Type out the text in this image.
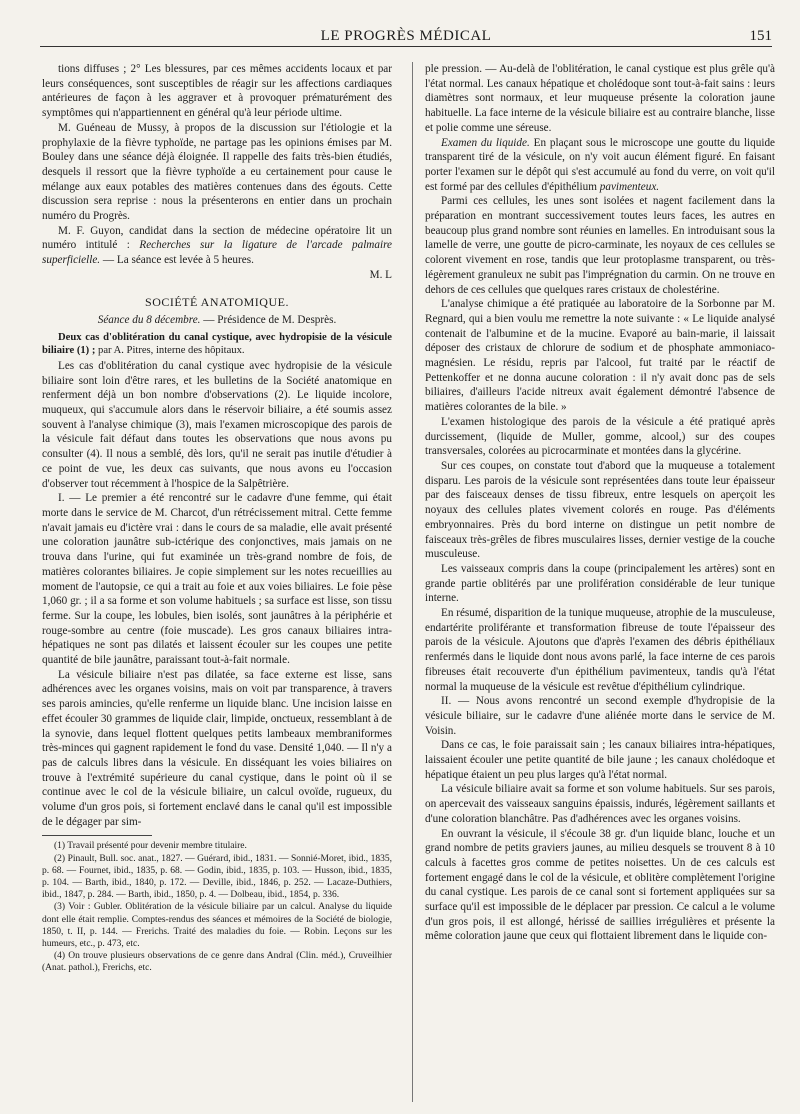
LE PROGRÈS MÉDICAL	151

tions diffuses ; 2° Les blessures, par ces mêmes accidents locaux et par leurs conséquences, sont susceptibles de réagir sur les affections cardiaques antérieures de façon à les aggraver et à provoquer prématurément des symptômes qui n'appartiennent en général qu'à leur période ultime.

M. Guéneau de Mussy, à propos de la discussion sur l'étiologie et la prophylaxie de la fièvre typhoïde, ne partage pas les opinions émises par M. Bouley dans une séance déjà éloignée. Il rappelle des faits très-bien étudiés, desquels il ressort que la fièvre typhoïde a eu certainement pour cause le mélange aux eaux potables des matières contenues dans des égouts. Cette discussion sera reprise : nous la présenterons en entier dans un prochain numéro du Progrès.

M. F. Guyon, candidat dans la section de médecine opératoire lit un numéro intitulé : Recherches sur la ligature de l'arcade palmaire superficielle. — La séance est levée à 5 heures.

M. L

SOCIÉTÉ ANATOMIQUE.

Séance du 8 décembre. — Présidence de M. Desprès.

Deux cas d'oblitération du canal cystique, avec hydropisie de la vésicule biliaire (1) ; par A. Pitres, interne des hôpitaux.

Les cas d'oblitération du canal cystique avec hydropisie de la vésicule biliaire sont loin d'être rares, et les bulletins de la Société anatomique en renferment déjà un bon nombre d'observations (2). Le liquide incolore, muqueux, qui s'accumule alors dans le réservoir biliaire, a été soumis assez souvent à l'analyse chimique (3), mais l'examen microscopique des parois de la vésicule fait défaut dans toutes les observations que nous avons pu consulter (4). Il nous a semblé, dès lors, qu'il ne serait pas inutile d'étudier à ce point de vue, les deux cas suivants, que nous avons eu l'occasion d'observer tout récemment à l'hospice de la Salpêtrière.

I. — Le premier a été rencontré sur le cadavre d'une femme, qui était morte dans le service de M. Charcot, d'un rétrécissement mitral. Cette femme n'avait jamais eu d'ictère vrai : dans le cours de sa maladie, elle avait présenté une coloration jaunâtre sub-ictérique des conjonctives, mais jamais on ne trouva dans l'urine, qui fut examinée un très-grand nombre de fois, de matières colorantes biliaires. Je copie simplement sur les notes recueillies au moment de l'autopsie, ce qui a trait au foie et aux voies biliaires. Le foie pèse 1,060 gr. ; il a sa forme et son volume habituels ; sa surface est lisse, son tissu ferme. Sur la coupe, les lobules, bien isolés, sont jaunâtres à la périphérie et rouge-sombre au centre (foie muscade). Les gros canaux biliaires intra-hépatiques ne sont pas dilatés et laissent écouler sur les coupes une petite quantité de bile jaunâtre, paraissant tout-à-fait normale.

La vésicule biliaire n'est pas dilatée, sa face externe est lisse, sans adhérences avec les organes voisins, mais on voit par transparence, à travers ses parois amincies, qu'elle renferme un liquide blanc. Une incision laisse en effet écouler 30 grammes de liquide clair, limpide, onctueux, ressemblant à de la synovie, dans lequel flottent quelques petits lambeaux membraniformes très-minces qui gagnent rapidement le fond du vase. Densité 1,040. — Il n'y a pas de calculs libres dans la vésicule. En disséquant les voies biliaires on trouve à l'extrémité supérieure du canal cystique, dans le point où il se continue avec le col de la vésicule biliaire, un calcul ovoïde, rugueux, du volume d'un gros pois, si fortement enclavé dans le canal qu'il est impossible de le dégager par sim-

(1) Travail présenté pour devenir membre titulaire.

(2) Pinault, Bull. soc. anat., 1827. — Guérard, ibid., 1831. — Sonnié-Moret, ibid., 1835, p. 68. — Fournet, ibid., 1835, p. 68. — Godin, ibid., 1835, p. 103. — Husson, ibid., 1835, p. 104. — Barth, ibid., 1840, p. 172. — Deville, ibid., 1846, p. 252. — Lacaze-Duthiers, ibid., 1847, p. 284. — Barth, ibid., 1850, p. 4. — Dolbeau, ibid., 1854, p. 336.

(3) Voir : Gubler. Oblitération de la vésicule biliaire par un calcul. Analyse du liquide dont elle était remplie. Comptes-rendus des séances et mémoires de la Société de biologie, 1850, t. II, p. 144. — Frerichs. Traité des maladies du foie. — Robin. Leçons sur les humeurs, etc., p. 473, etc.

(4) On trouve plusieurs observations de ce genre dans Andral (Clin. méd.), Cruveilhier (Anat. pathol.), Frerichs, etc.

ple pression. — Au-delà de l'oblitération, le canal cystique est plus grêle qu'à l'état normal. Les canaux hépatique et cholédoque sont tout-à-fait sains : leurs diamètres sont normaux, et leur muqueuse présente la coloration jaune habituelle. La face interne de la vésicule biliaire est au contraire blanche, lisse et polie comme une séreuse.

Examen du liquide. En plaçant sous le microscope une goutte du liquide transparent tiré de la vésicule, on n'y voit aucun élément figuré. En faisant porter l'examen sur le dépôt qui s'est accumulé au fond du verre, on voit qu'il est formé par des cellules d'épithélium pavimenteux.

Parmi ces cellules, les unes sont isolées et nagent facilement dans la préparation en montrant successivement toutes leurs faces, les autres en beaucoup plus grand nombre sont réunies en lamelles. En introduisant sous la lamelle de verre, une goutte de picro-carminate, les noyaux de ces cellules se colorent vivement en rose, tandis que leur protoplasme transparent, ou très-légèrement granuleux ne subit pas l'imprégnation du carmin. On ne trouve en dehors de ces cellules que quelques rares cristaux de cholestérine.

L'analyse chimique a été pratiquée au laboratoire de la Sorbonne par M. Regnard, qui a bien voulu me remettre la note suivante : « Le liquide analysé contenait de l'albumine et de la mucine. Evaporé au bain-marie, il laissait déposer des cristaux de chlorure de sodium et de phosphate ammoniaco-magnésien. Le résidu, repris par l'alcool, fut traité par le réactif de Pettenkoffer et ne donna aucune coloration : il n'y avait donc pas de sels biliaires, d'ailleurs l'acide nitreux avait également démontré l'absence de matières colorantes de la bile. »

L'examen histologique des parois de la vésicule a été pratiqué après durcissement, (liquide de Muller, gomme, alcool,) sur des coupes transversales, colorées au picrocarminate et montées dans la glycérine.

Sur ces coupes, on constate tout d'abord que la muqueuse a totalement disparu. Les parois de la vésicule sont représentées dans toute leur épaisseur par des faisceaux denses de tissu fibreux, entre lesquels on aperçoit les noyaux des cellules plates vivement colorés en rouge. Pas d'éléments embryonnaires. Près du bord interne on distingue un petit nombre de faisceaux très-grêles de fibres musculaires lisses, dernier vestige de la couche musculeuse.

Les vaisseaux compris dans la coupe (principalement les artères) sont en grande partie oblitérés par une prolifération considérable de leur tunique interne.

En résumé, disparition de la tunique muqueuse, atrophie de la musculeuse, endartérite proliférante et transformation fibreuse de toute l'épaisseur des parois de la vésicule. Ajoutons que d'après l'examen des débris épithéliaux renfermés dans le liquide dont nous avons parlé, la face interne de ces parois fibreuses était recouverte d'un épithélium pavimenteux, tandis qu'à l'état normal la muqueuse de la vésicule est revêtue d'épithélium cylindrique.

II. — Nous avons rencontré un second exemple d'hydropisie de la vésicule biliaire, sur le cadavre d'une aliénée morte dans le service de M. Voisin.

Dans ce cas, le foie paraissait sain ; les canaux biliaires intra-hépatiques, laissaient écouler une petite quantité de bile jaune ; les canaux cholédoque et hépatique étaient un peu plus larges qu'à l'état normal.

La vésicule biliaire avait sa forme et son volume habituels. Sur ses parois, on apercevait des vaisseaux sanguins épaissis, indurés, légèrement saillants et d'une coloration blanchâtre. Pas d'adhérences avec les organes voisins.

En ouvrant la vésicule, il s'écoule 38 gr. d'un liquide blanc, louche et un grand nombre de petits graviers jaunes, au milieu desquels se trouvent 8 à 10 calculs à facettes gros comme de petites noisettes. Un de ces calculs est fortement engagé dans le col de la vésicule, et oblitère complètement l'origine du canal cystique. Les parois de ce canal sont si fortement appliquées sur sa surface qu'il est impossible de le déplacer par pression. Ce calcul a le volume d'un gros pois, il est allongé, hérissé de saillies irrégulières et présente la même coloration jaune que ceux qui flottaient librement dans le liquide con-
